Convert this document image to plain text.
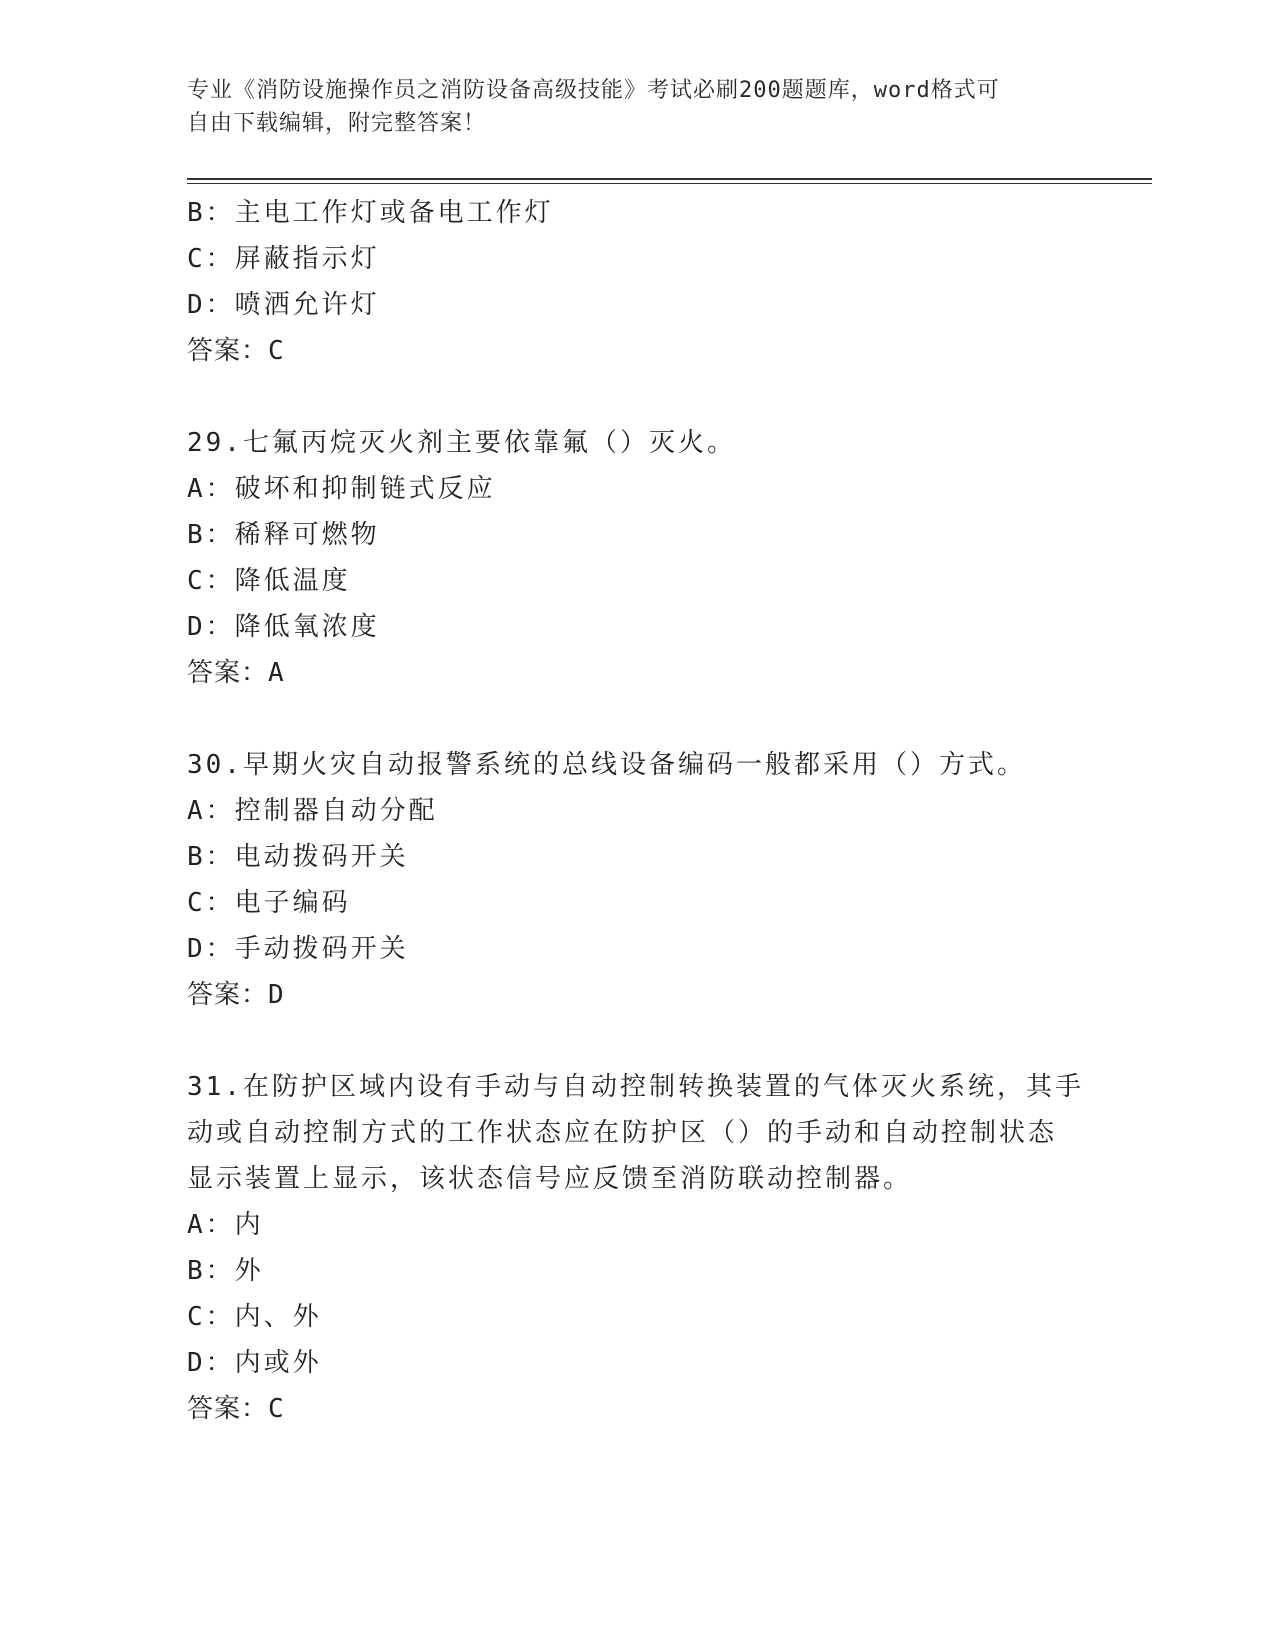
专业《消防设施操作员之消防设备高级技能》考试必刷200题题库，word格式可
自由下载编辑，附完整答案！
B：主电工作灯或备电工作灯
C：屏蔽指示灯
D：喷洒允许灯
答案：C
29.七氟丙烷灭火剂主要依靠氟（）灭火。
A：破坏和抑制链式反应
B：稀释可燃物
C：降低温度
D：降低氧浓度
答案：A
30.早期火灾自动报警系统的总线设备编码一般都采用（）方式。
A：控制器自动分配
B：电动拨码开关
C：电子编码
D：手动拨码开关
答案：D
31.在防护区域内设有手动与自动控制转换装置的气体灭火系统，其手
动或自动控制方式的工作状态应在防护区（）的手动和自动控制状态
显示装置上显示，该状态信号应反馈至消防联动控制器。
A：内
B：外
C：内、外
D：内或外
答案：C
